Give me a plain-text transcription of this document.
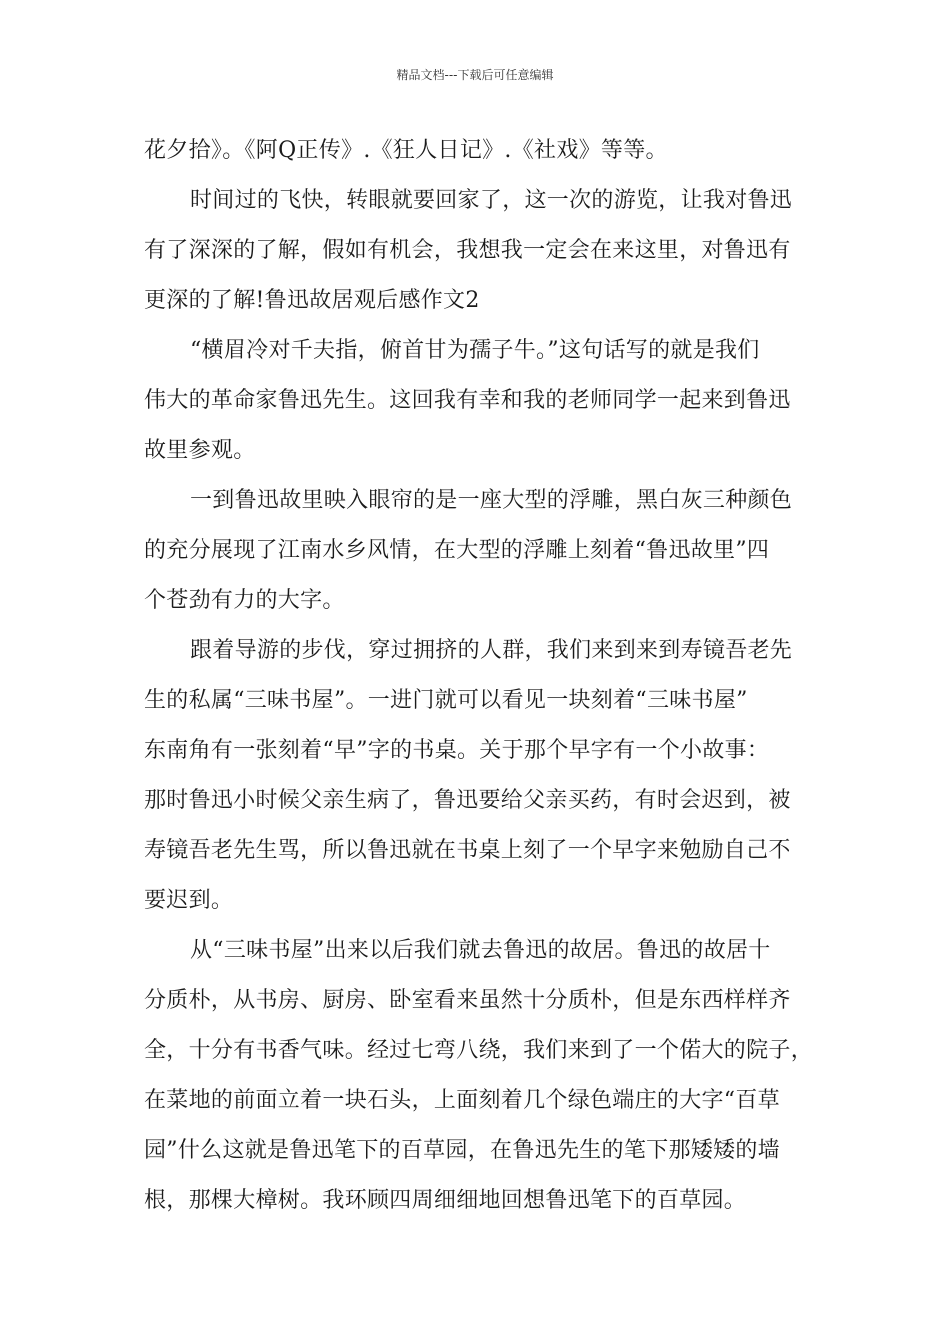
精品文档---下载后可任意编辑
花夕拾》。《阿Q正传》.《狂人日记》.《社戏》等等。
时间过的飞快，转眼就要回家了，这一次的游览，让我对鲁迅
有了深深的了解，假如有机会，我想我一定会在来这里，对鲁迅有
更深的了解!鲁迅故居观后感作文2
“横眉冷对千夫指，俯首甘为孺子牛。”这句话写的就是我们
伟大的革命家鲁迅先生。这回我有幸和我的老师同学一起来到鲁迅
故里参观。
一到鲁迅故里映入眼帘的是一座大型的浮雕，黑白灰三种颜色
的充分展现了江南水乡风情，在大型的浮雕上刻着“鲁迅故里”四
个苍劲有力的大字。
跟着导游的步伐，穿过拥挤的人群，我们来到来到寿镜吾老先
生的私属“三味书屋”。一进门就可以看见一块刻着“三味书屋”
东南角有一张刻着“早”字的书桌。关于那个早字有一个小故事：
那时鲁迅小时候父亲生病了，鲁迅要给父亲买药，有时会迟到，被
寿镜吾老先生骂，所以鲁迅就在书桌上刻了一个早字来勉励自己不
要迟到。
从“三味书屋”出来以后我们就去鲁迅的故居。鲁迅的故居十
分质朴，从书房、厨房、卧室看来虽然十分质朴，但是东西样样齐
全，十分有书香气味。经过七弯八绕，我们来到了一个偌大的院子，
在菜地的前面立着一块石头，上面刻着几个绿色端庄的大字“百草
园”什么这就是鲁迅笔下的百草园，在鲁迅先生的笔下那矮矮的墙
根，那棵大樟树。我环顾四周细细地回想鲁迅笔下的百草园。
